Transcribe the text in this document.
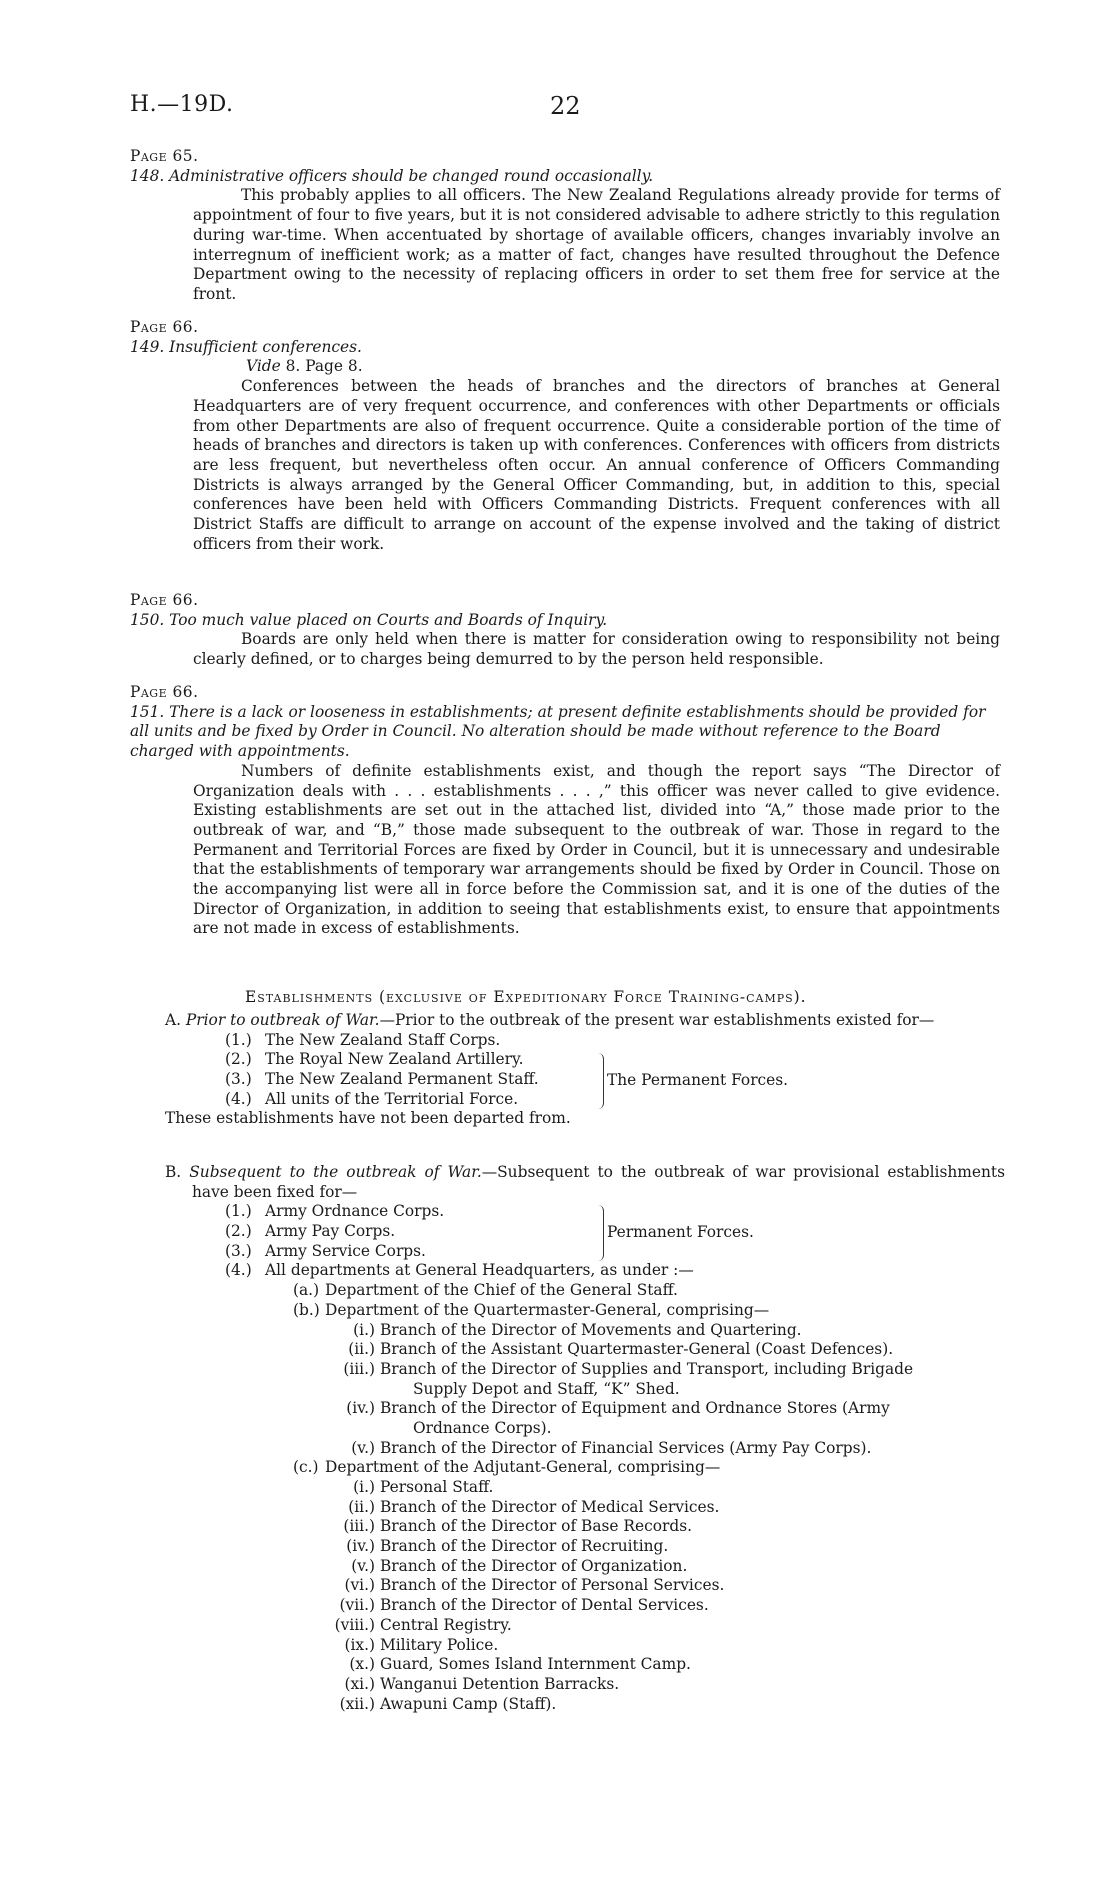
H.—19D.	22

Page 65.

148. Administrative officers should be changed round occasionally.

This probably applies to all officers. The New Zealand Regulations already provide for terms of appointment of four to five years, but it is not considered advisable to adhere strictly to this regulation during war-time. When accentuated by shortage of available officers, changes invariably involve an interregnum of inefficient work; as a matter of fact, changes have resulted throughout the Defence Department owing to the necessity of replacing officers in order to set them free for service at the front.

Page 66.

149. Insufficient conferences.

Vide 8. Page 8.

Conferences between the heads of branches and the directors of branches at General Headquarters are of very frequent occurrence, and conferences with other Departments or officials from other Departments are also of frequent occurrence. Quite a considerable portion of the time of heads of branches and directors is taken up with conferences. Conferences with officers from districts are less frequent, but nevertheless often occur. An annual conference of Officers Commanding Districts is always arranged by the General Officer Commanding, but, in addition to this, special conferences have been held with Officers Commanding Districts. Frequent conferences with all District Staffs are difficult to arrange on account of the expense involved and the taking of district officers from their work.

Page 66.

150. Too much value placed on Courts and Boards of Inquiry.

Boards are only held when there is matter for consideration owing to responsibility not being clearly defined, or to charges being demurred to by the person held responsible.

Page 66.

151. There is a lack or looseness in establishments; at present definite establishments should be provided for all units and be fixed by Order in Council. No alteration should be made without reference to the Board charged with appointments.

Numbers of definite establishments exist, and though the report says “The Director of Organization deals with . . . establishments . . . ,” this officer was never called to give evidence. Existing establishments are set out in the attached list, divided into “A,” those made prior to the outbreak of war, and “B,” those made subsequent to the outbreak of war. Those in regard to the Permanent and Territorial Forces are fixed by Order in Council, but it is unnecessary and undesirable that the establishments of temporary war arrangements should be fixed by Order in Council. Those on the accompanying list were all in force before the Commission sat, and it is one of the duties of the Director of Organization, in addition to seeing that establishments exist, to ensure that appointments are not made in excess of establishments.

Establishments (exclusive of Expeditionary Force Training-camps).

A. Prior to outbreak of War.—Prior to the outbreak of the present war establishments existed for—

(1.) The New Zealand Staff Corps.
(2.) The Royal New Zealand Artillery.
(3.) The New Zealand Permanent Staff.
(4.) All units of the Territorial Force.
The Permanent Forces.

These establishments have not been departed from.

B. Subsequent to the outbreak of War.—Subsequent to the outbreak of war provisional establishments have been fixed for—

(1.) Army Ordnance Corps.
(2.) Army Pay Corps.
(3.) Army Service Corps.
(4.) All departments at General Headquarters, as under :—
(a.) Department of the Chief of the General Staff.
(b.) Department of the Quartermaster-General, comprising—
(i.) Branch of the Director of Movements and Quartering.
(ii.) Branch of the Assistant Quartermaster-General (Coast Defences).
(iii.) Branch of the Director of Supplies and Transport, including Brigade
Supply Depot and Staff, “K” Shed.
(iv.) Branch of the Director of Equipment and Ordnance Stores (Army
Ordnance Corps).
(v.) Branch of the Director of Financial Services (Army Pay Corps).
(c.) Department of the Adjutant-General, comprising—
(i.) Personal Staff.
(ii.) Branch of the Director of Medical Services.
(iii.) Branch of the Director of Base Records.
(iv.) Branch of the Director of Recruiting.
(v.) Branch of the Director of Organization.
(vi.) Branch of the Director of Personal Services.
(vii.) Branch of the Director of Dental Services.
(viii.) Central Registry.
(ix.) Military Police.
(x.) Guard, Somes Island Internment Camp.
(xi.) Wanganui Detention Barracks.
(xii.) Awapuni Camp (Staff).
Permanent Forces.
